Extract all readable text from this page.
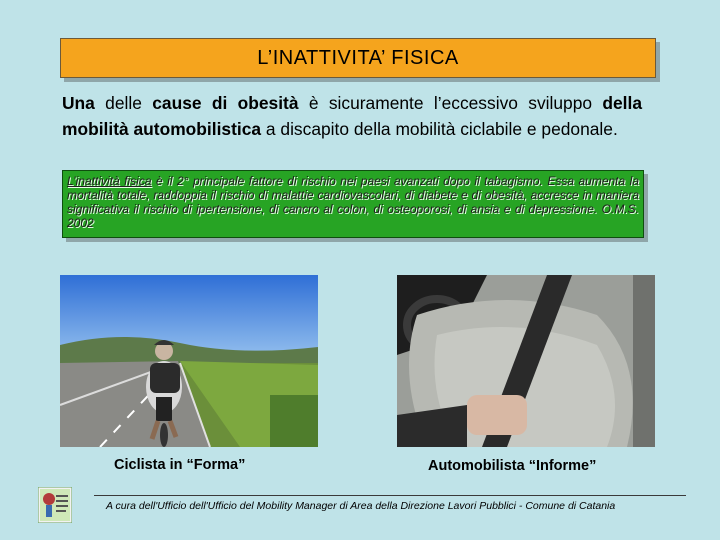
L’INATTIVITA’ FISICA
Una delle cause di obesità è sicuramente l’eccessivo sviluppo della mobilità automobilistica a discapito della mobilità ciclabile e pedonale.
L’inattività fisica è il 2° principale fattore di rischio nei paesi avanzati dopo il tabagismo. Essa aumenta la mortalità totale, raddoppia il rischio di malattie cardiovascolari, di diabete e di obesità, accresce in maniera significativa il rischio di ipertensione, di cancro al colon, di osteoporosi, di ansia e di depressione. O.M.S. 2002
Ciclista in “Forma”	Automobilista “Informe”
A cura dell'Ufficio dell'Ufficio del Mobility Manager di Area della Direzione Lavori Pubblici - Comune di Catania
